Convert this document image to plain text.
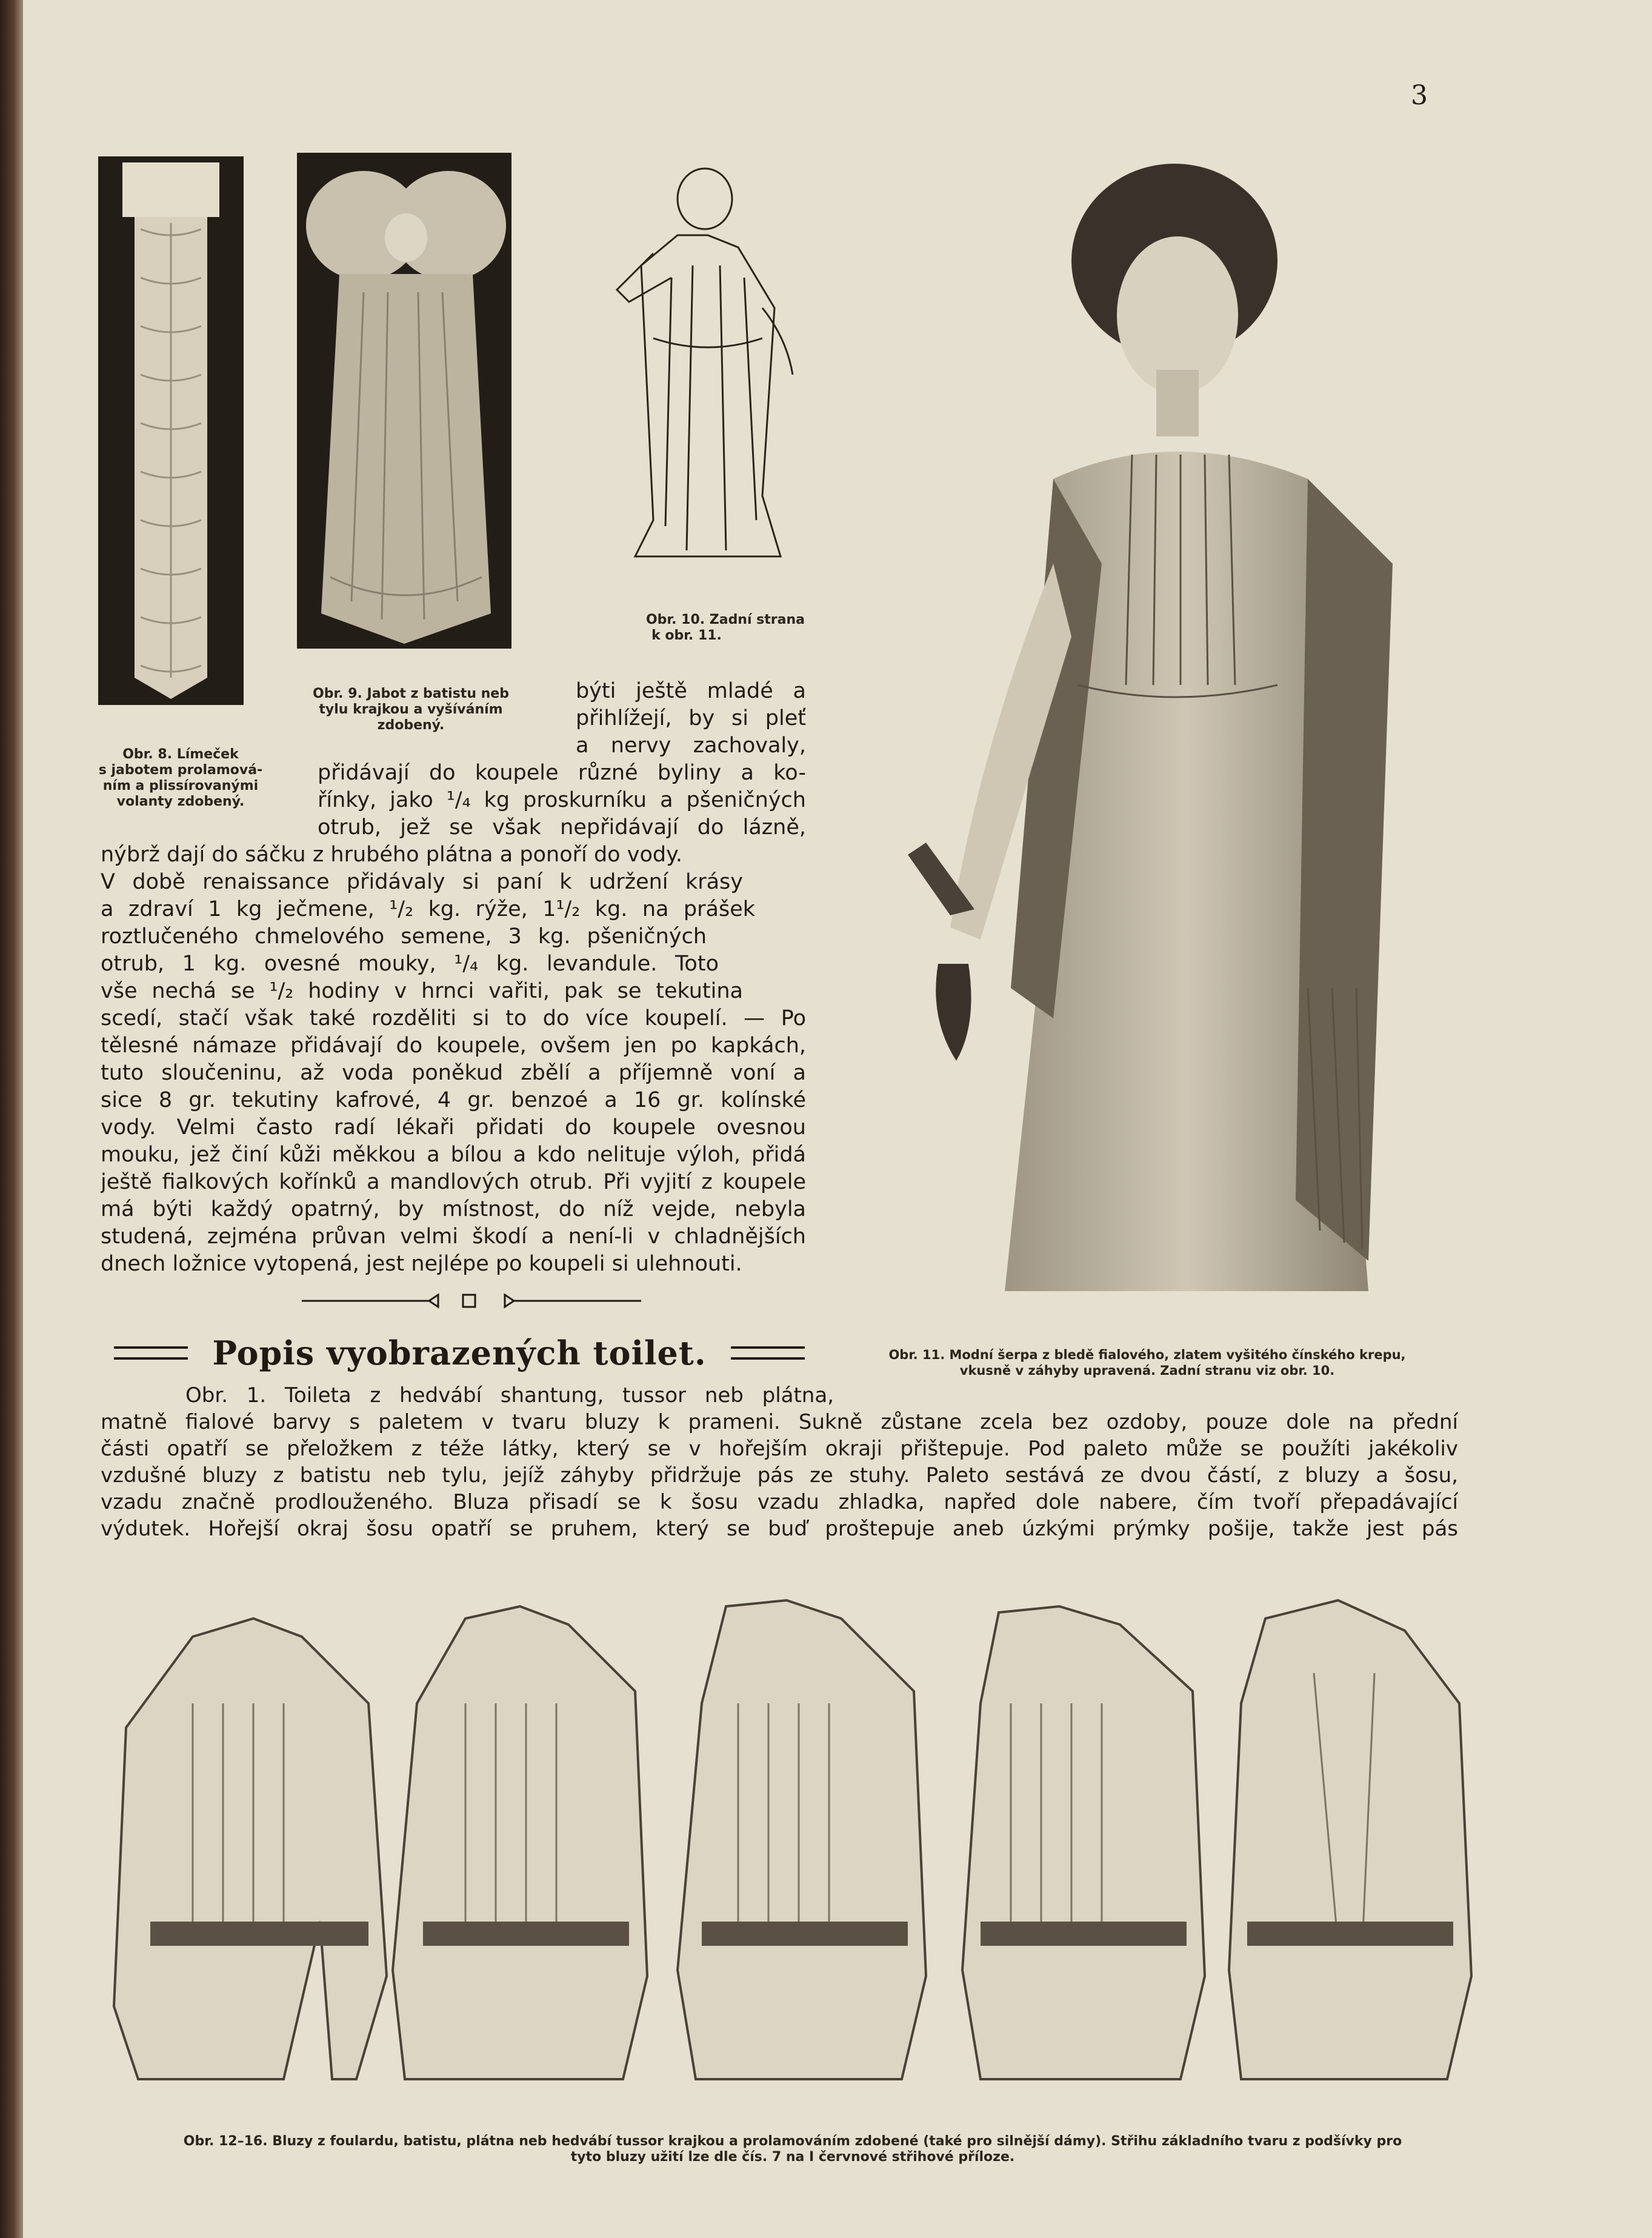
3
Obr. 8. Límeček
s jabotem prolamová-
ním a plissírovanými
volanty zdobený.
Obr. 9. Jabot z batistu neb
tylu krajkou a vyšíváním
zdobený.
Obr. 10. Zadní strana
k obr. 11.
Obr. 11. Modní šerpa z bledě fialového, zlatem vyšitého čínského krepu,
vkusně v záhyby upravená. Zadní stranu viz obr. 10.
býti ještě mladé a
přihlížejí, by si pleť
a nervy zachovaly,
přidávají do koupele různé byliny a ko-
řínky, jako ¹/₄ kg proskurníku a pšeničných
otrub, jež se však nepřidávají do lázně,
nýbrž dají do sáčku z hrubého plátna a ponoří do vody.
V době renaissance přidávaly si paní k udržení krásy
a zdraví 1 kg ječmene, ¹/₂ kg. rýže, 1¹/₂ kg. na prášek
roztlučeného chmelového semene, 3 kg. pšeničných
otrub, 1 kg. ovesné mouky, ¹/₄ kg. levandule. Toto
vše nechá se ¹/₂ hodiny v hrnci vařiti, pak se tekutina
scedí, stačí však také rozděliti si to do více koupelí. — Po
tělesné námaze přidávají do koupele, ovšem jen po kapkách,
tuto sloučeninu, až voda poněkud zbělí a příjemně voní a
sice 8 gr. tekutiny kafrové, 4 gr. benzoé a 16 gr. kolínské
vody. Velmi často radí lékaři přidati do koupele ovesnou
mouku, jež činí kůži měkkou a bílou a kdo nelituje výloh, přidá
ještě fialkových kořínků a mandlových otrub. Při vyjití z koupele
má býti každý opatrný, by místnost, do níž vejde, nebyla
studená, zejména průvan velmi škodí a není-li v chladnějších
dnech ložnice vytopená, jest nejlépe po koupeli si ulehnouti.
Popis vyobrazených toilet.
Obr. 1. Toileta z hedvábí shantung, tussor neb plátna,
matně fialové barvy s paletem v tvaru bluzy k prameni. Sukně zůstane zcela bez ozdoby, pouze dole na přední
části opatří se přeložkem z téže látky, který se v hořejším okraji přištepuje. Pod paleto může se použíti jakékoliv
vzdušné bluzy z batistu neb tylu, jejíž záhyby přidržuje pás ze stuhy. Paleto sestává ze dvou částí, z bluzy a šosu,
vzadu značně prodlouženého. Bluza přisadí se k šosu vzadu zhladka, napřed dole nabere, čím tvoří přepadávající
výdutek. Hořejší okraj šosu opatří se pruhem, který se buď proštepuje aneb úzkými prýmky pošije, takže jest pás
Obr. 12–16. Bluzy z foulardu, batistu, plátna neb hedvábí tussor krajkou a prolamováním zdobené (také pro silnější dámy). Střihu základního tvaru z podšívky pro
tyto bluzy užití lze dle čís. 7 na I červnové střihové příloze.
